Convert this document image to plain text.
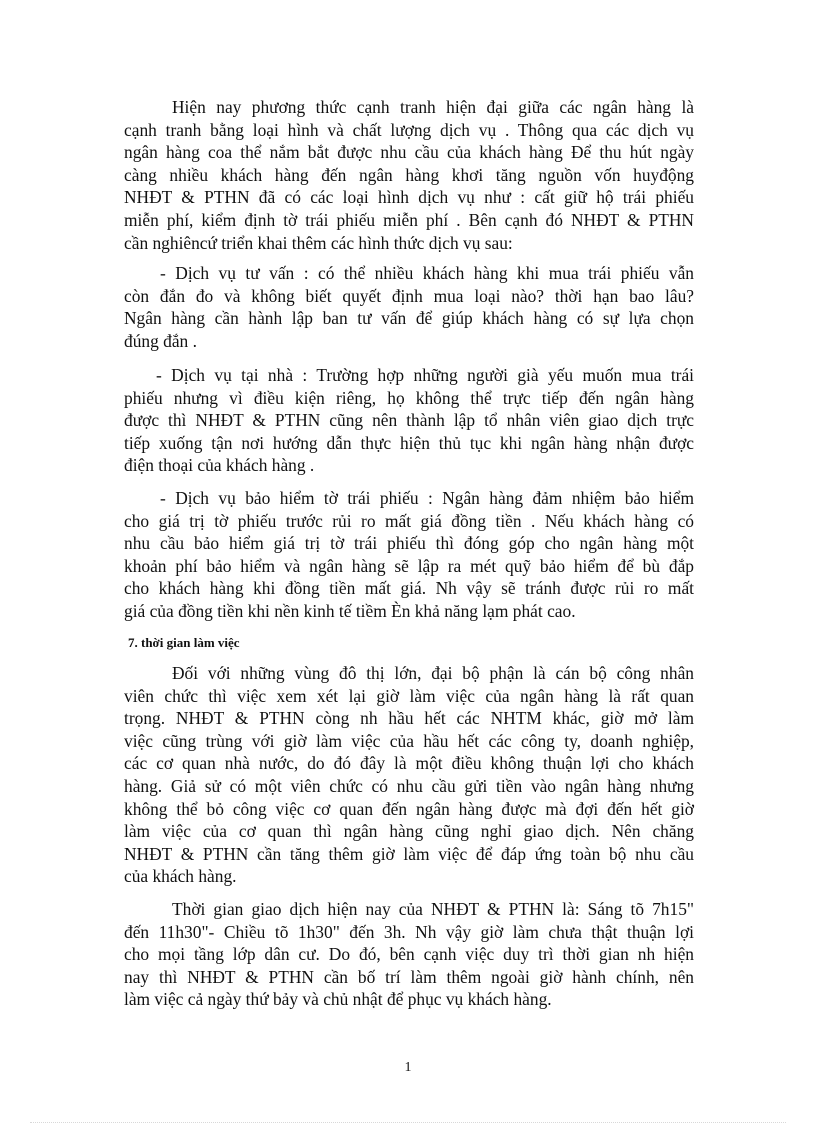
Hiện nay phương thức cạnh tranh hiện đại giữa các ngân hàng là
cạnh tranh bằng loại hình và chất lượng dịch vụ . Thông qua các dịch vụ
ngân hàng coa thể nắm bắt được nhu cầu của khách hàng Để thu hút ngày
càng nhiều khách hàng đến ngân hàng khơi tăng nguồn vốn huyđộng
NHĐT & PTHN đã có các loại hình dịch vụ như : cất giữ hộ trái phiếu
miễn phí, kiểm định tờ trái phiếu miễn phí . Bên cạnh đó NHĐT & PTHN
cần nghiêncứ triển khai thêm các hình thức dịch vụ sau:
- Dịch vụ tư vấn : có thể nhiều khách hàng khi mua trái phiếu vẫn
còn đắn đo và không biết quyết định mua loại nào? thời hạn bao lâu?
Ngân hàng cần hành lập ban tư vấn để giúp khách hàng có sự lựa chọn
đúng đắn .
- Dịch vụ tại nhà : Trường hợp những người già yếu muốn mua trái
phiếu nhưng vì điều kiện riêng, họ không thể trực tiếp đến ngân hàng
được thì NHĐT & PTHN cũng nên thành lập tổ nhân viên giao dịch trực
tiếp xuống tận nơi hướng dẫn thực hiện thủ tục khi ngân hàng nhận được
điện thoại của khách hàng .
- Dịch vụ bảo hiểm tờ trái phiếu : Ngân hàng đảm nhiệm bảo hiểm
cho giá trị tờ phiếu trước rủi ro mất giá đồng tiền . Nếu khách hàng có
nhu cầu bảo hiểm giá trị tờ trái phiếu thì đóng góp cho ngân hàng một
khoản phí bảo hiểm và ngân hàng sẽ lập ra mét quỹ bảo hiểm để bù đắp
cho khách hàng khi đồng tiền mất giá. Nh vậy sẽ tránh được rủi ro mất
giá của đồng tiền khi nền kinh tế tiềm Èn khả năng lạm phát cao.
7. thời gian làm việc
Đối với những vùng đô thị lớn, đại bộ phận là cán bộ công nhân
viên chức thì việc xem xét lại giờ làm việc của ngân hàng là rất quan
trọng. NHĐT & PTHN còng nh hầu hết các NHTM khác, giờ mở làm
việc cũng trùng với giờ làm việc của hầu hết các công ty, doanh nghiệp,
các cơ quan nhà nước, do đó đây là một điều không thuận lợi cho khách
hàng. Giả sử có một viên chức có nhu cầu gửi tiền vào ngân hàng nhưng
không thể bỏ công việc cơ quan đến ngân hàng được mà đợi đến hết giờ
làm việc của cơ quan thì ngân hàng cũng nghỉ giao dịch. Nên chăng
NHĐT & PTHN cần tăng thêm giờ làm việc để đáp ứng toàn bộ nhu cầu
của khách hàng.
Thời gian giao dịch hiện nay của NHĐT & PTHN là: Sáng tõ 7h15"
đến 11h30"- Chiều tõ 1h30" đến 3h. Nh vậy giờ làm chưa thật thuận lợi
cho mọi tầng lớp dân cư. Do đó, bên cạnh việc duy trì thời gian nh hiện
nay thì NHĐT & PTHN cần bố trí làm thêm ngoài giờ hành chính, nên
làm việc cả ngày thứ bảy và chủ nhật để phục vụ khách hàng.
1
